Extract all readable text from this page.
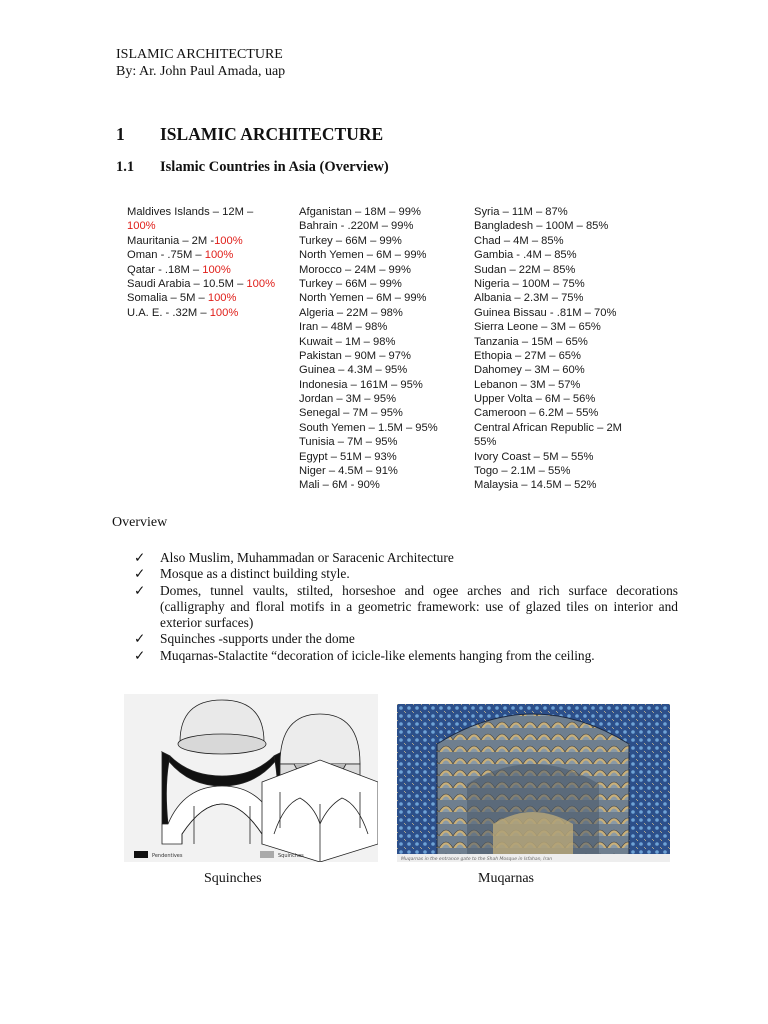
ISLAMIC ARCHITECTURE
By: Ar. John Paul Amada, uap
1 ISLAMIC ARCHITECTURE
1.1 Islamic Countries in Asia (Overview)
Maldives Islands – 12M –
100%
Mauritania – 2M -100%
Oman - .75M – 100%
Qatar - .18M – 100%
Saudi Arabia – 10.5M – 100%
Somalia – 5M – 100%
U.A. E. - .32M – 100%
Afganistan – 18M – 99%
Bahrain - .220M – 99%
Turkey – 66M – 99%
North Yemen – 6M – 99%
Morocco – 24M – 99%
Turkey – 66M – 99%
North Yemen – 6M – 99%
Algeria – 22M – 98%
Iran – 48M – 98%
Kuwait – 1M – 98%
Pakistan – 90M – 97%
Guinea – 4.3M – 95%
Indonesia – 161M – 95%
Jordan – 3M – 95%
Senegal – 7M – 95%
South Yemen – 1.5M – 95%
Tunisia – 7M – 95%
Egypt – 51M – 93%
Niger – 4.5M – 91%
Mali – 6M - 90%
Syria – 11M – 87%
Bangladesh – 100M – 85%
Chad – 4M – 85%
Gambia - .4M – 85%
Sudan – 22M – 85%
Nigeria – 100M – 75%
Albania – 2.3M – 75%
Guinea Bissau - .81M – 70%
Sierra Leone – 3M – 65%
Tanzania – 15M – 65%
Ethopia – 27M – 65%
Dahomey – 3M – 60%
Lebanon – 3M – 57%
Upper Volta – 6M – 56%
Cameroon – 6.2M – 55%
Central African Republic – 2M
55%
Ivory Coast – 5M – 55%
Togo – 2.1M – 55%
Malaysia – 14.5M – 52%
Overview
✓ Also Muslim, Muhammadan or Saracenic Architecture
✓ Mosque as a distinct building style.
✓ Domes, tunnel vaults, stilted, horseshoe and ogee arches and rich surface decorations (calligraphy and floral motifs in a geometric framework: use of glazed tiles on interior and exterior surfaces)
✓ Squinches -supports under the dome
✓ Muqarnas-Stalactite “decoration of icicle-like elements hanging from the ceiling.
Pendentives	Squinches
Muqarnas in the entrance gate to the Shah Mosque in Isfahan, Iran
Squinches	Muqarnas
